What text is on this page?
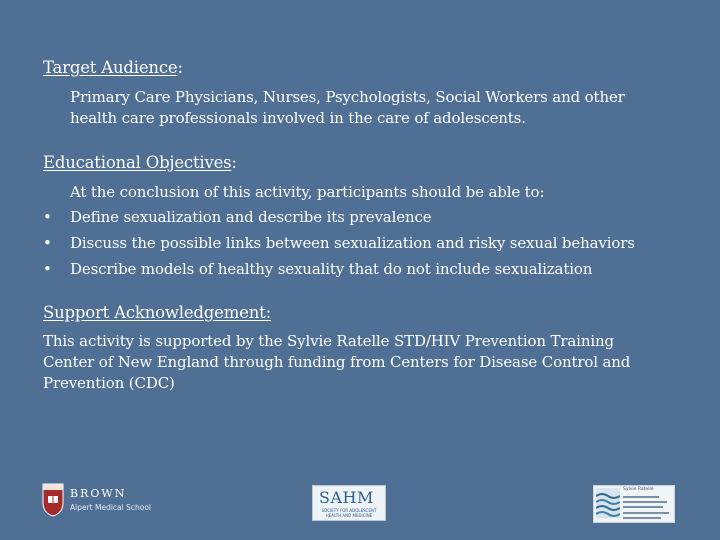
Target Audience:
Primary Care Physicians, Nurses, Psychologists, Social Workers and other
health care professionals involved in the care of adolescents.
Educational Objectives:
At the conclusion of this activity, participants should be able to:
• Define sexualization and describe its prevalence
• Discuss the possible links between sexualization and risky sexual behaviors
• Describe models of healthy sexuality that do not include sexualization
Support Acknowledgement:
This activity is supported by the Sylvie Ratelle STD/HIV Prevention Training
Center of New England through funding from Centers for Disease Control and
Prevention (CDC)
BROWN
Alpert Medical School
SAHM
SOCIETY FOR ADOLESCENT HEALTH AND MEDICINE
Sylvie Ratelle
